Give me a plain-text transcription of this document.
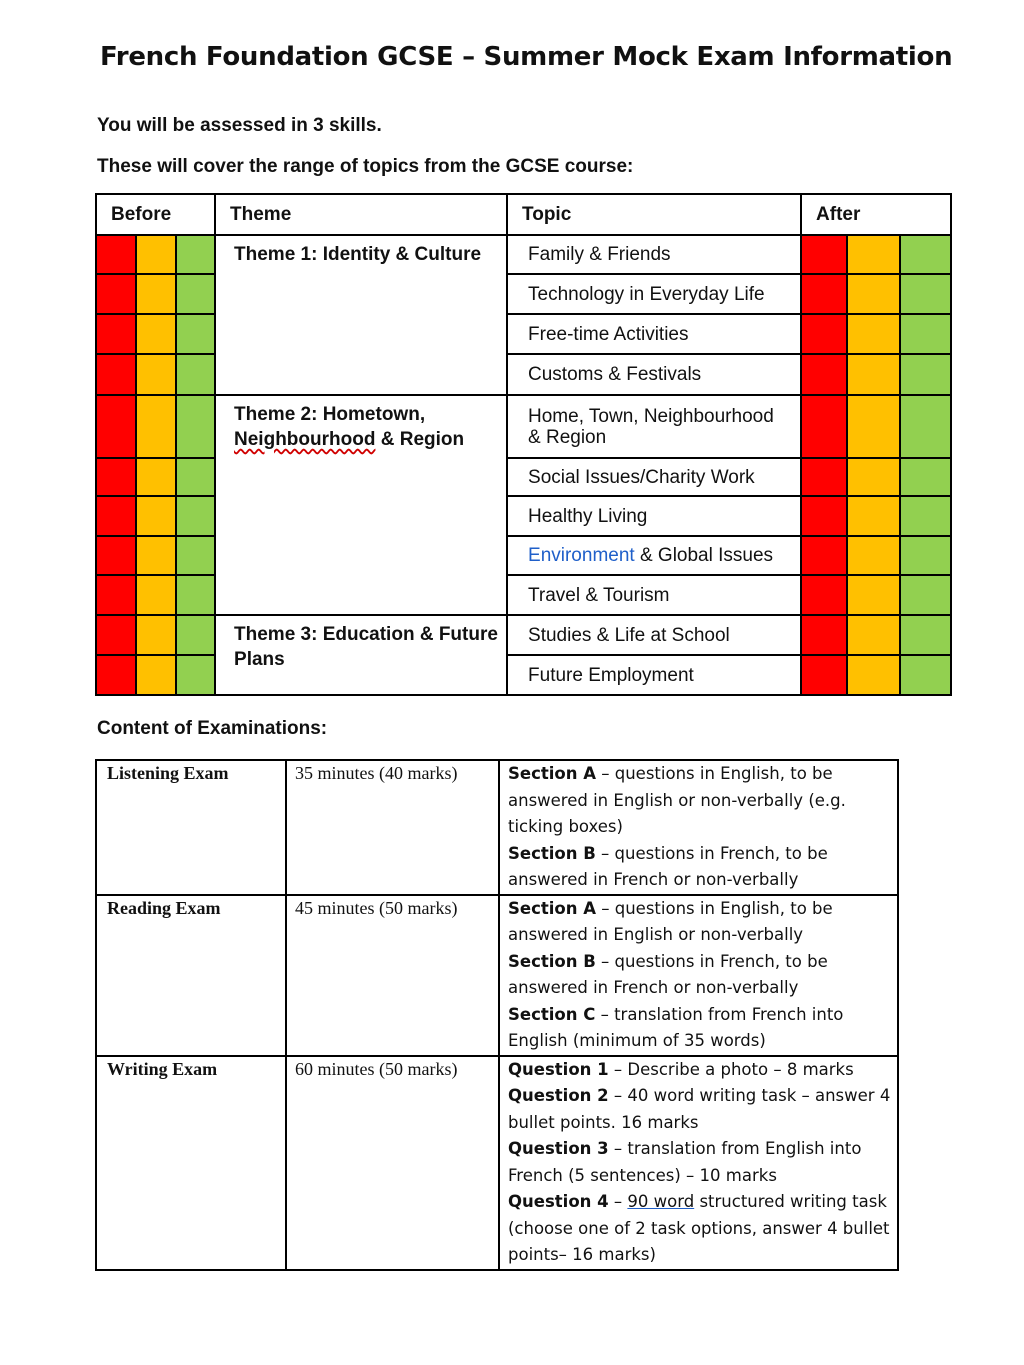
French Foundation GCSE – Summer Mock Exam Information
You will be assessed in 3 skills.
These will cover the range of topics from the GCSE course:
Before			Theme	Topic	After		
			Theme 1: Identity & Culture	Family & Friends			
				Technology in Everyday Life			
				Free-time Activities			
				Customs & Festivals			
			Theme 2: Hometown, Neighbourhood & Region	Home, Town, Neighbourhood & Region			
				Social Issues/Charity Work			
				Healthy Living			
				Environment & Global Issues			
				Travel & Tourism			
			Theme 3: Education & Future Plans	Studies & Life at School			
				Future Employment			
Content of Examinations:
Listening Exam	35 minutes (40 marks)	Section A – questions in English, to be answered in English or non-verbally (e.g. ticking boxes)

Section B – questions in French, to be answered in French or non-verbally

Reading Exam	45 minutes (50 marks)	Section A – questions in English, to be answered in English or non-verbally

Section B – questions in French, to be answered in French or non-verbally

Section C – translation from French into English (minimum of 35 words)

Writing Exam	60 minutes (50 marks)	Question 1 – Describe a photo – 8 marks

Question 2 – 40 word writing task – answer 4 bullet points. 16 marks

Question 3 – translation from English into French (5 sentences) – 10 marks

Question 4 – 90 word structured writing task (choose one of 2 task options, answer 4 bullet points– 16 marks)
